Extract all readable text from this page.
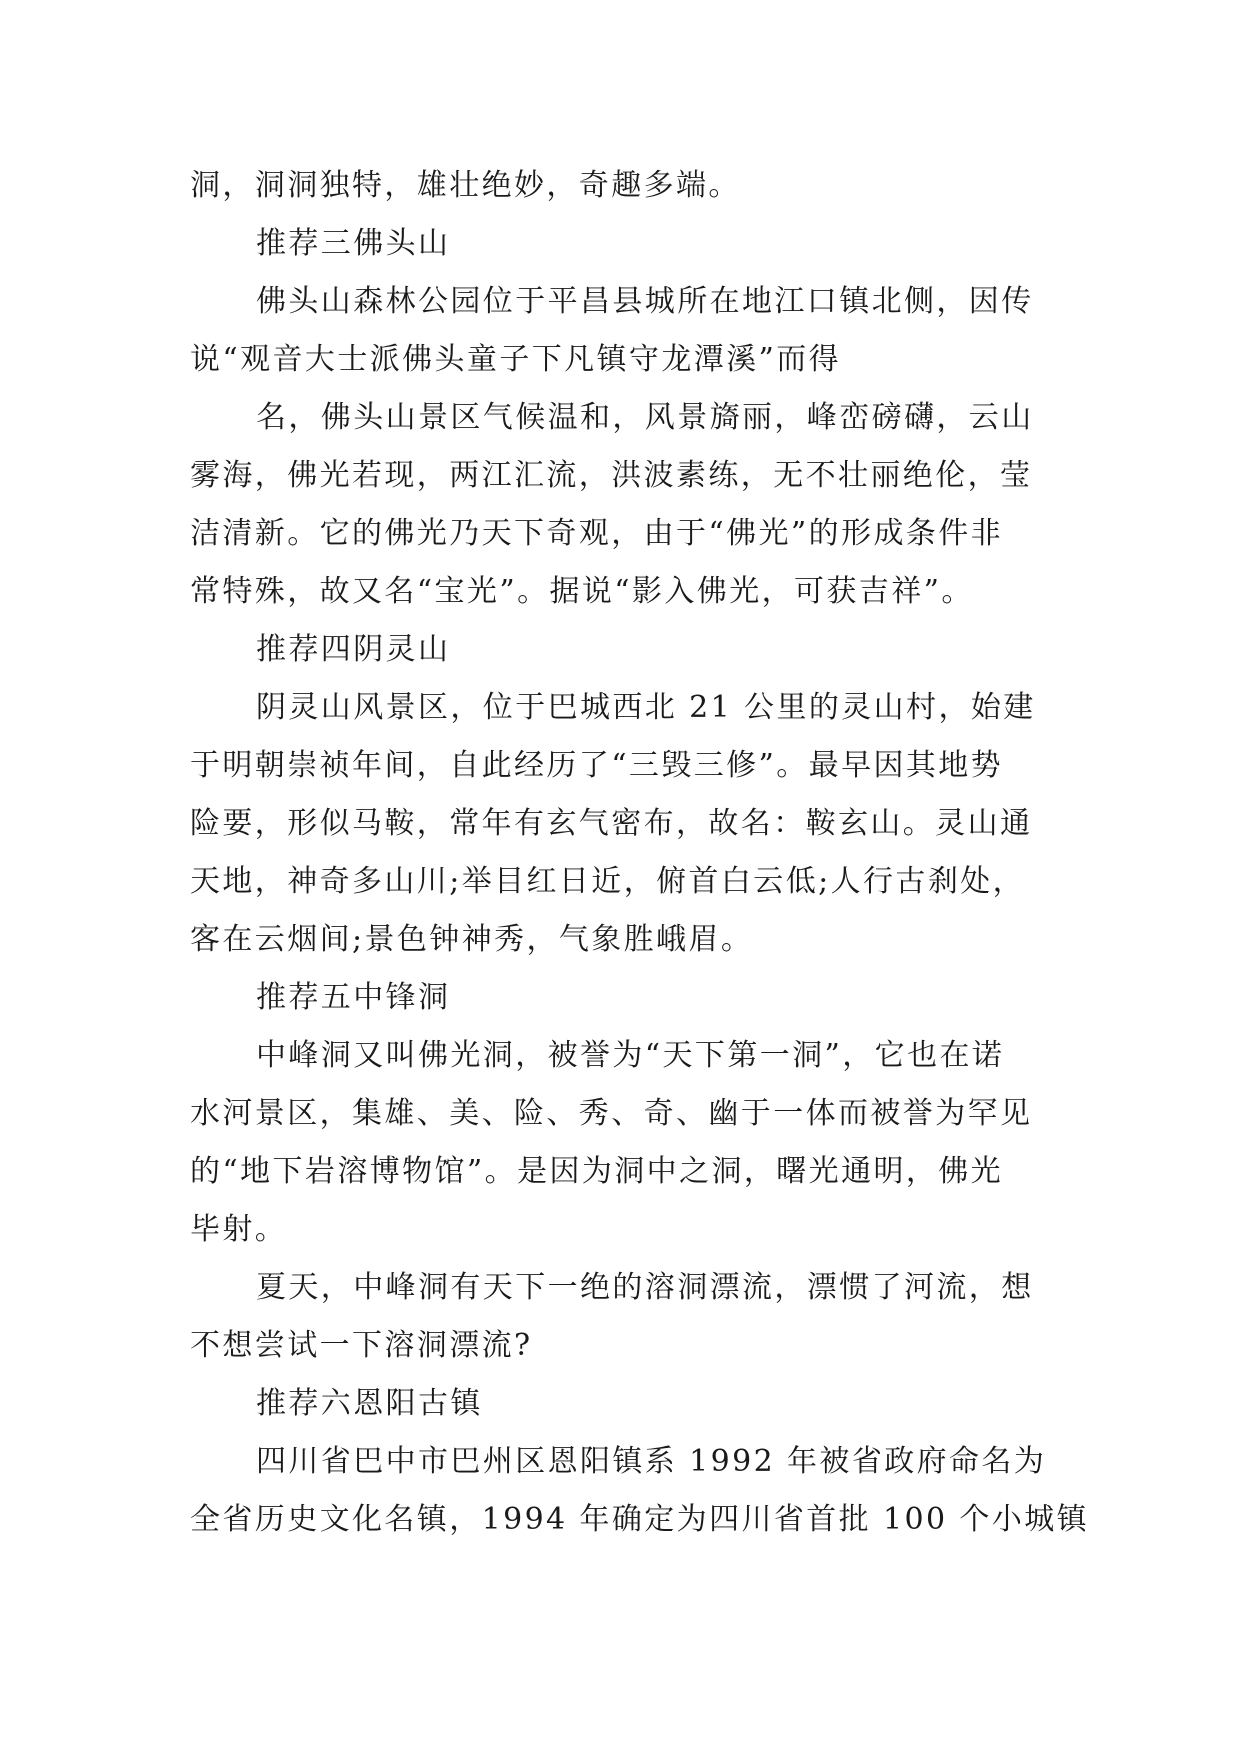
洞，洞洞独特，雄壮绝妙，奇趣多端。
推荐三佛头山
佛头山森林公园位于平昌县城所在地江口镇北侧，因传
说“观音大士派佛头童子下凡镇守龙潭溪”而得
名，佛头山景区气候温和，风景旖丽，峰峦磅礴，云山
雾海，佛光若现，两江汇流，洪波素练，无不壮丽绝伦，莹
洁清新。它的佛光乃天下奇观，由于“佛光”的形成条件非
常特殊，故又名“宝光”。据说“影入佛光，可获吉祥”。
推荐四阴灵山
阴灵山风景区，位于巴城西北 21 公里的灵山村，始建
于明朝崇祯年间，自此经历了“三毁三修”。最早因其地势
险要，形似马鞍，常年有玄气密布，故名：鞍玄山。灵山通
天地，神奇多山川;举目红日近，俯首白云低;人行古刹处，
客在云烟间;景色钟神秀，气象胜峨眉。
推荐五中锋洞
中峰洞又叫佛光洞，被誉为“天下第一洞”，它也在诺
水河景区，集雄、美、险、秀、奇、幽于一体而被誉为罕见
的“地下岩溶博物馆”。是因为洞中之洞，曙光通明，佛光
毕射。
夏天，中峰洞有天下一绝的溶洞漂流，漂惯了河流，想
不想尝试一下溶洞漂流?
推荐六恩阳古镇
四川省巴中市巴州区恩阳镇系 1992 年被省政府命名为
全省历史文化名镇，1994 年确定为四川省首批 100 个小城镇
